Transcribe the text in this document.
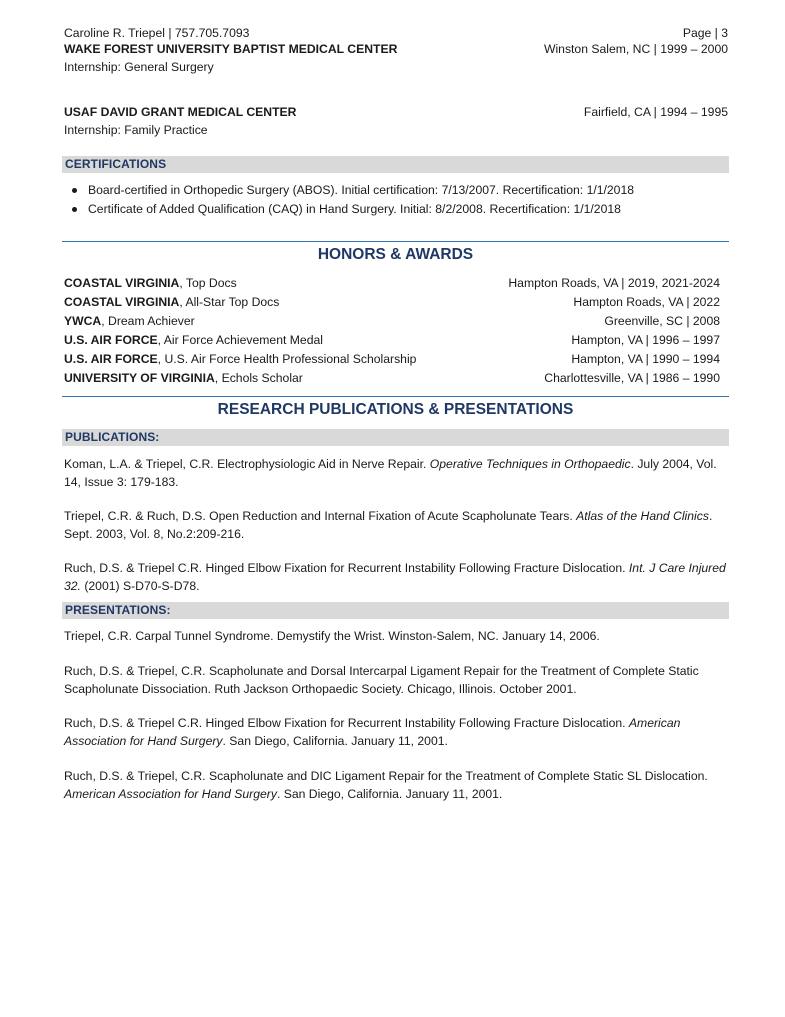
Caroline R. Triepel | 757.705.7093	Page | 3
WAKE FOREST UNIVERSITY BAPTIST MEDICAL CENTER	Winston Salem, NC | 1999 – 2000
Internship: General Surgery
USAF DAVID GRANT MEDICAL CENTER	Fairfield, CA | 1994 – 1995
Internship: Family Practice
CERTIFICATIONS
Board-certified in Orthopedic Surgery (ABOS). Initial certification: 7/13/2007. Recertification: 1/1/2018
Certificate of Added Qualification (CAQ) in Hand Surgery. Initial: 8/2/2008. Recertification: 1/1/2018
HONORS & AWARDS
COASTAL VIRGINIA, Top Docs	Hampton Roads, VA | 2019, 2021-2024
COASTAL VIRGINIA, All-Star Top Docs	Hampton Roads, VA | 2022
YWCA, Dream Achiever	Greenville, SC | 2008
U.S. AIR FORCE, Air Force Achievement Medal	Hampton, VA | 1996 – 1997
U.S. AIR FORCE, U.S. Air Force Health Professional Scholarship	Hampton, VA | 1990 – 1994
UNIVERSITY OF VIRGINIA, Echols Scholar	Charlottesville, VA | 1986 – 1990
RESEARCH PUBLICATIONS & PRESENTATIONS
PUBLICATIONS:
Koman, L.A. & Triepel, C.R. Electrophysiologic Aid in Nerve Repair. Operative Techniques in Orthopaedic. July 2004, Vol. 14, Issue 3: 179-183.
Triepel, C.R. & Ruch, D.S. Open Reduction and Internal Fixation of Acute Scapholunate Tears. Atlas of the Hand Clinics. Sept. 2003, Vol. 8, No.2:209-216.
Ruch, D.S. & Triepel C.R. Hinged Elbow Fixation for Recurrent Instability Following Fracture Dislocation. Int. J Care Injured 32. (2001) S-D70-S-D78.
PRESENTATIONS:
Triepel, C.R. Carpal Tunnel Syndrome. Demystify the Wrist. Winston-Salem, NC. January 14, 2006.
Ruch, D.S. & Triepel, C.R. Scapholunate and Dorsal Intercarpal Ligament Repair for the Treatment of Complete Static Scapholunate Dissociation. Ruth Jackson Orthopaedic Society. Chicago, Illinois. October 2001.
Ruch, D.S. & Triepel C.R. Hinged Elbow Fixation for Recurrent Instability Following Fracture Dislocation. American Association for Hand Surgery. San Diego, California. January 11, 2001.
Ruch, D.S. & Triepel, C.R. Scapholunate and DIC Ligament Repair for the Treatment of Complete Static SL Dislocation. American Association for Hand Surgery. San Diego, California. January 11, 2001.
